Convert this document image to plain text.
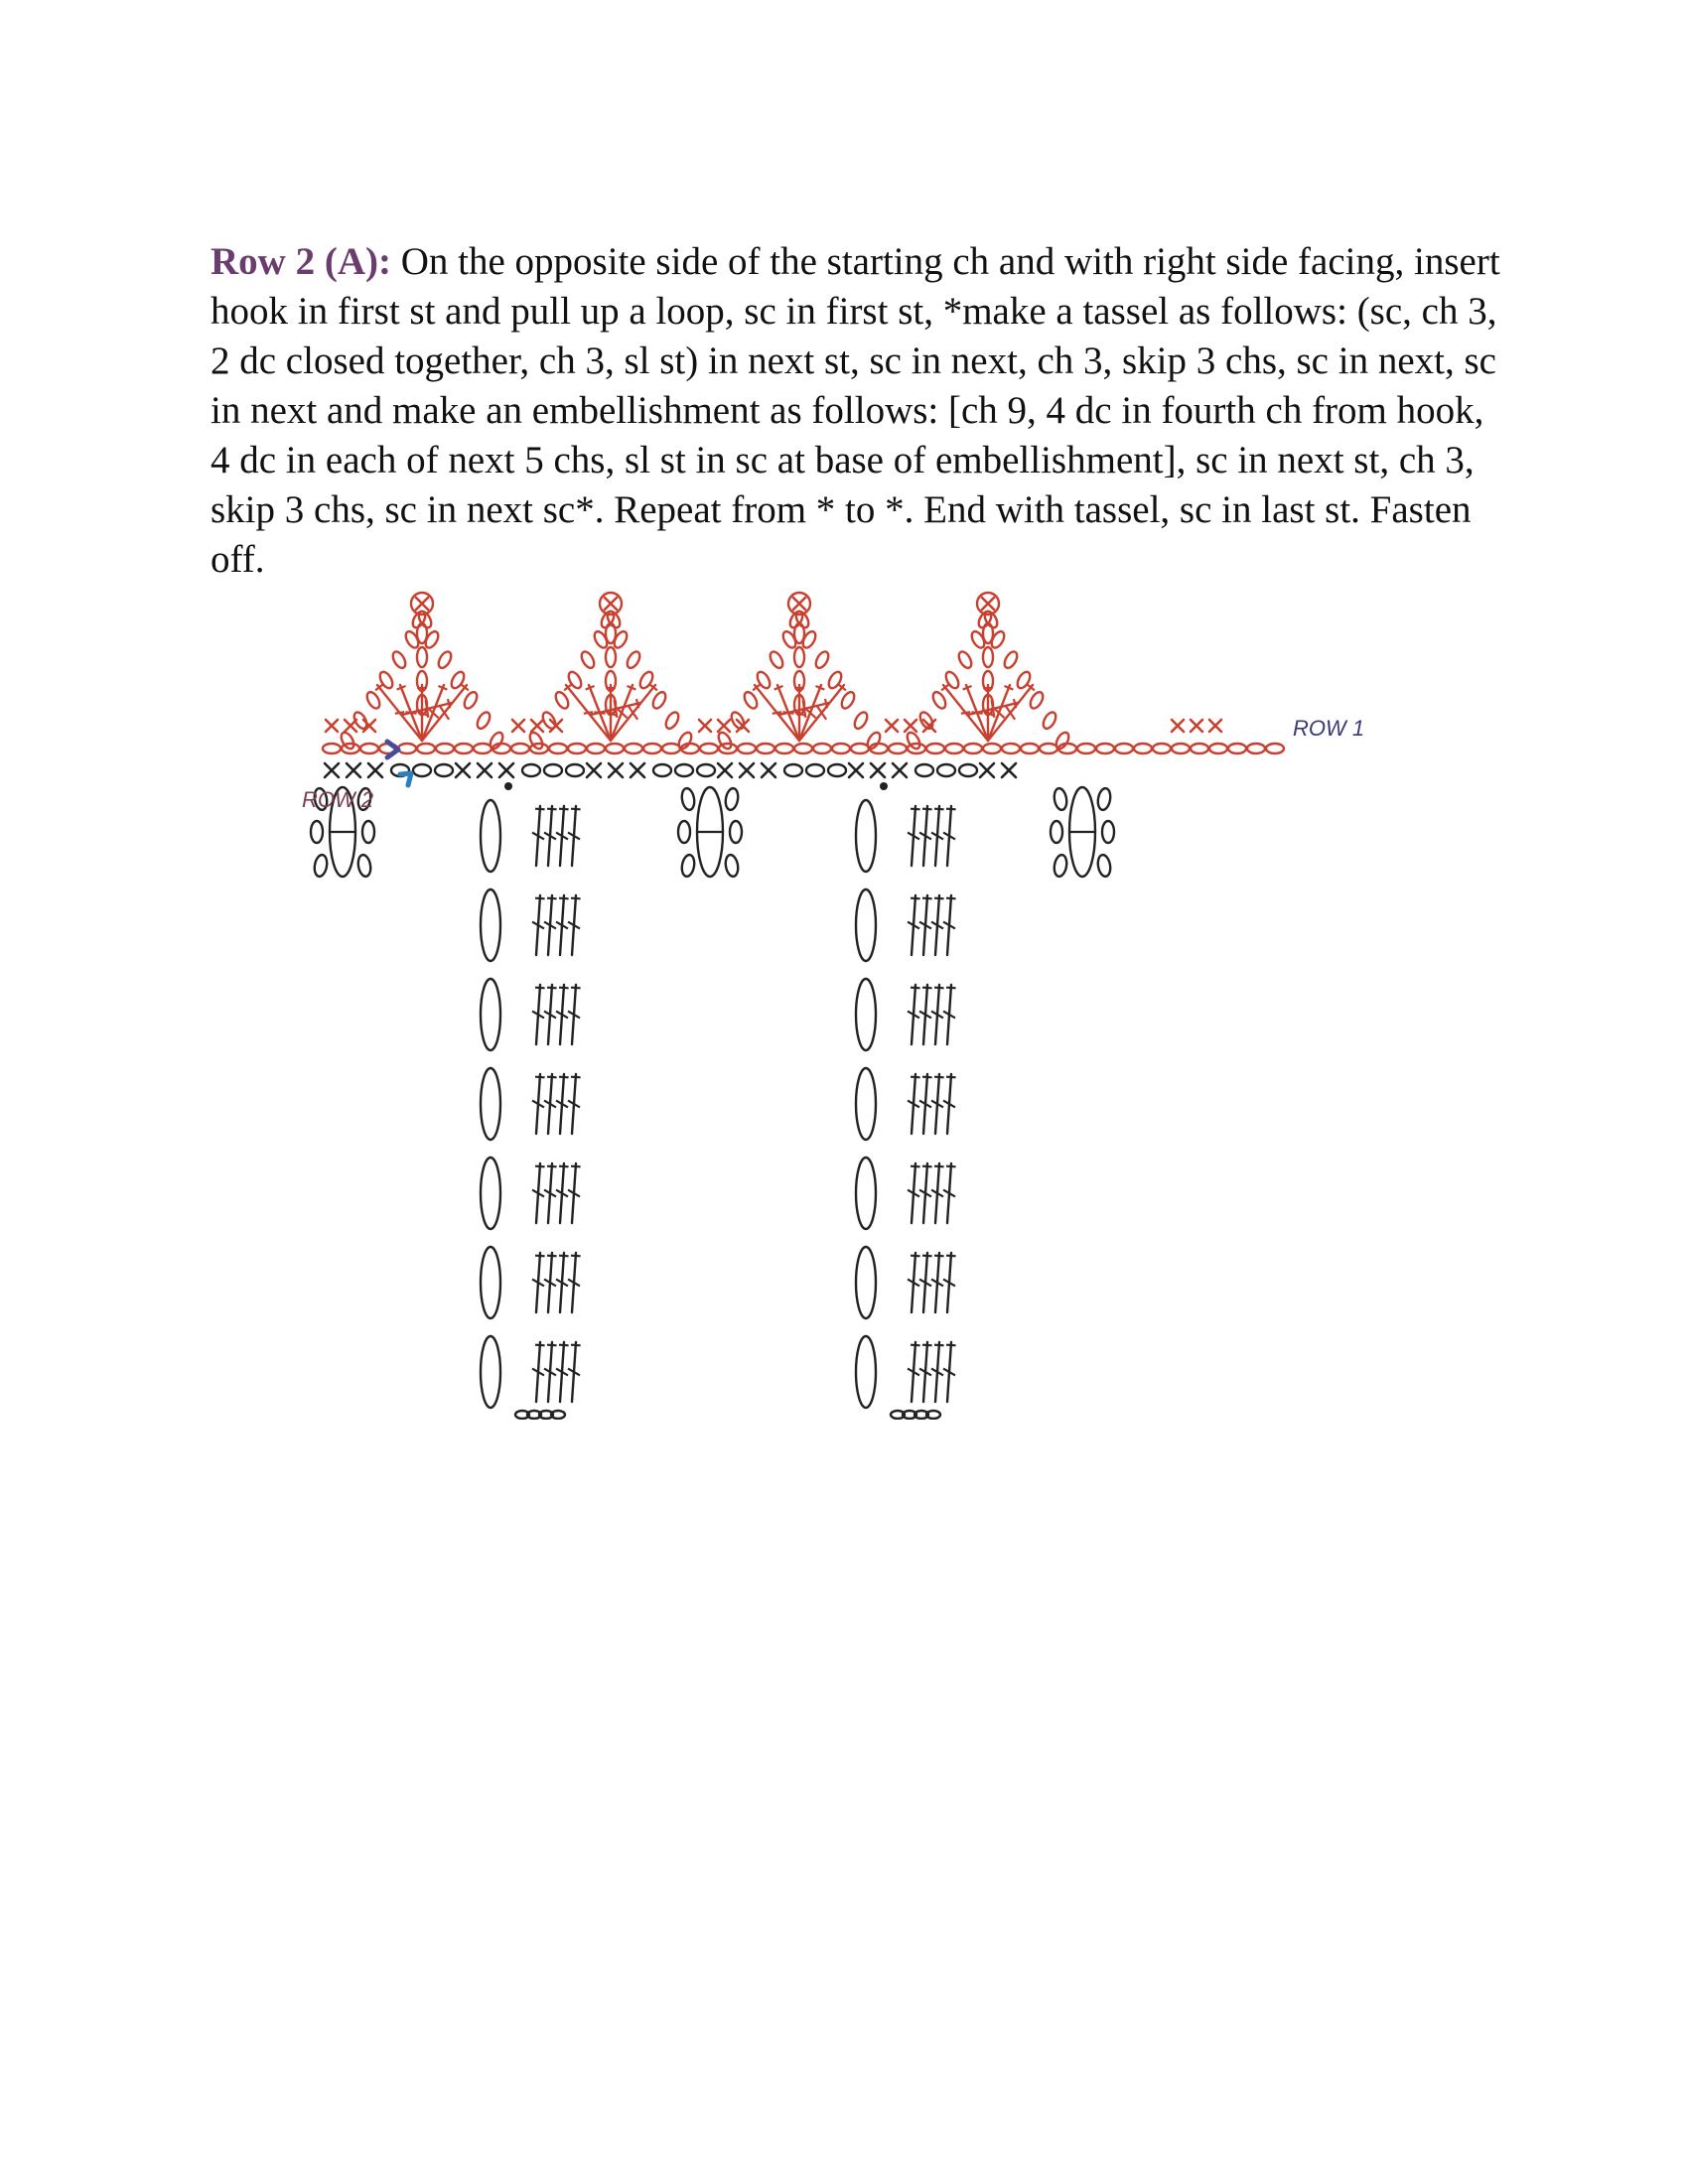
Row 2 (A): On the opposite side of the starting ch and with right side facing, insert hook in first st and pull up a loop, sc in first st, *make a tassel as follows: (sc, ch 3, 2 dc closed together, ch 3, sl st) in next st, sc in next, ch 3, skip 3 chs, sc in next, sc in next and make an embellishment as follows: [ch 9, 4 dc in fourth ch from hook, 4 dc in each of next 5 chs, sl st in sc at base of embellishment], sc in next st, ch 3, skip 3 chs, sc in next sc*. Repeat from * to *. End with tassel, sc in last st. Fasten off.

ROW 1
ROW 2
